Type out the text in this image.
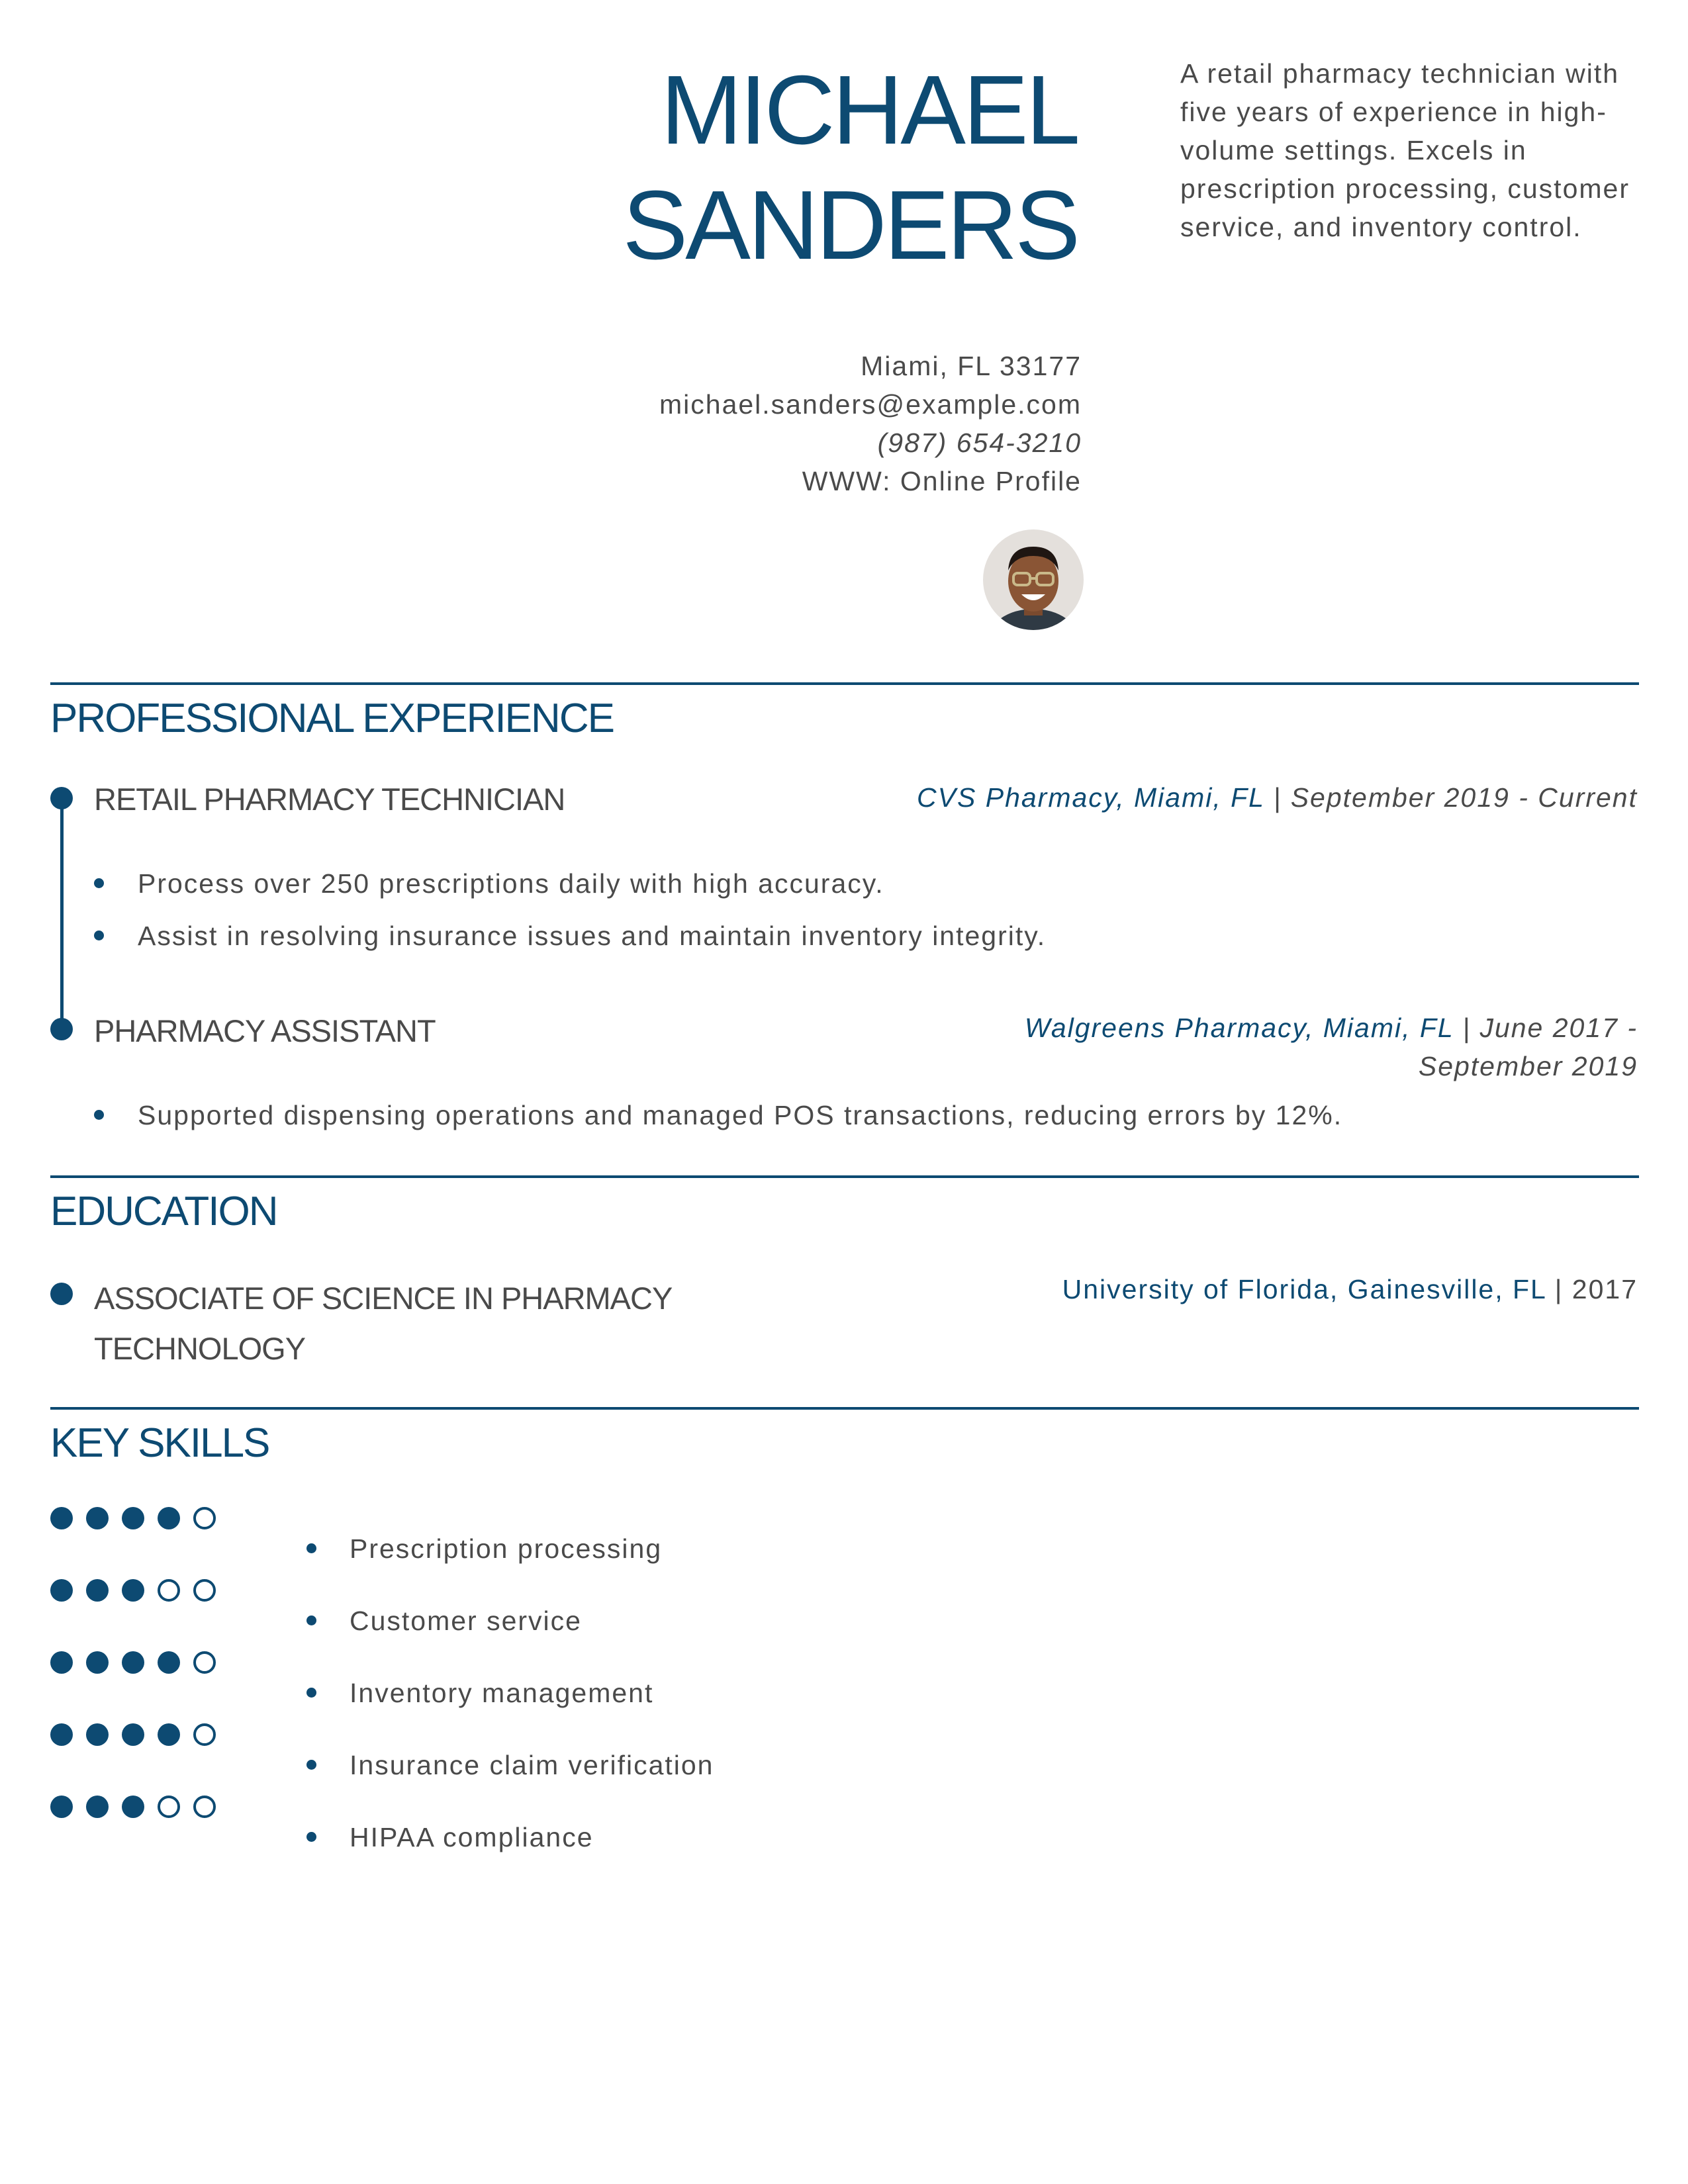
MICHAEL
SANDERS
A retail pharmacy technician with five years of experience in high-volume settings. Excels in prescription processing, customer service, and inventory control.
Miami, FL 33177
michael.sanders@example.com
(987) 654-3210
WWW: Online Profile
PROFESSIONAL EXPERIENCE
RETAIL PHARMACY TECHNICIAN	CVS Pharmacy, Miami, FL | September 2019 - Current
Process over 250 prescriptions daily with high accuracy.
Assist in resolving insurance issues and maintain inventory integrity.
PHARMACY ASSISTANT	Walgreens Pharmacy, Miami, FL | June 2017 - September 2019
Supported dispensing operations and managed POS transactions, reducing errors by 12%.
EDUCATION
ASSOCIATE OF SCIENCE IN PHARMACY
TECHNOLOGY
University of Florida, Gainesville, FL | 2017
KEY SKILLS
Prescription processing
Customer service
Inventory management
Insurance claim verification
HIPAA compliance
